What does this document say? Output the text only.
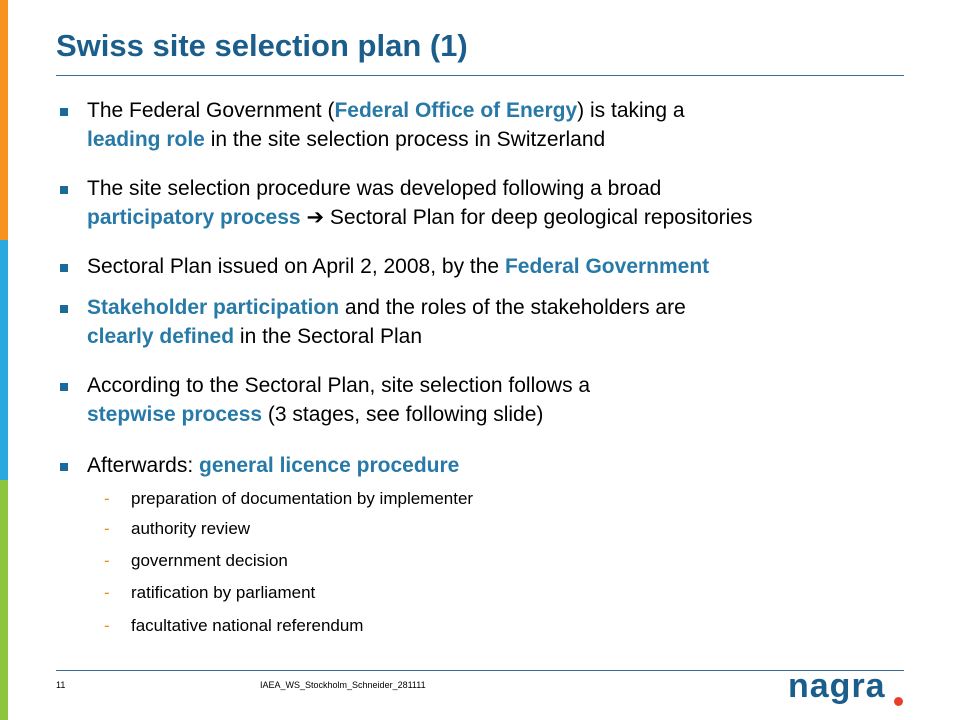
Swiss site selection plan (1)
The Federal Government (Federal Office of Energy) is taking a
leading role in the site selection process in Switzerland
The site selection procedure was developed following a broad
participatory process ➔ Sectoral Plan for deep geological repositories
Sectoral Plan issued on April 2, 2008, by the Federal Government
Stakeholder participation and the roles of the stakeholders are
clearly defined in the Sectoral Plan
According to the Sectoral Plan, site selection follows a
stepwise process (3 stages, see following slide)
Afterwards: general licence procedure
- preparation of documentation by implementer
- authority review
- government decision
- ratification by parliament
- facultative national referendum
11	IAEA_WS_Stockholm_Schneider_281111	nagra
